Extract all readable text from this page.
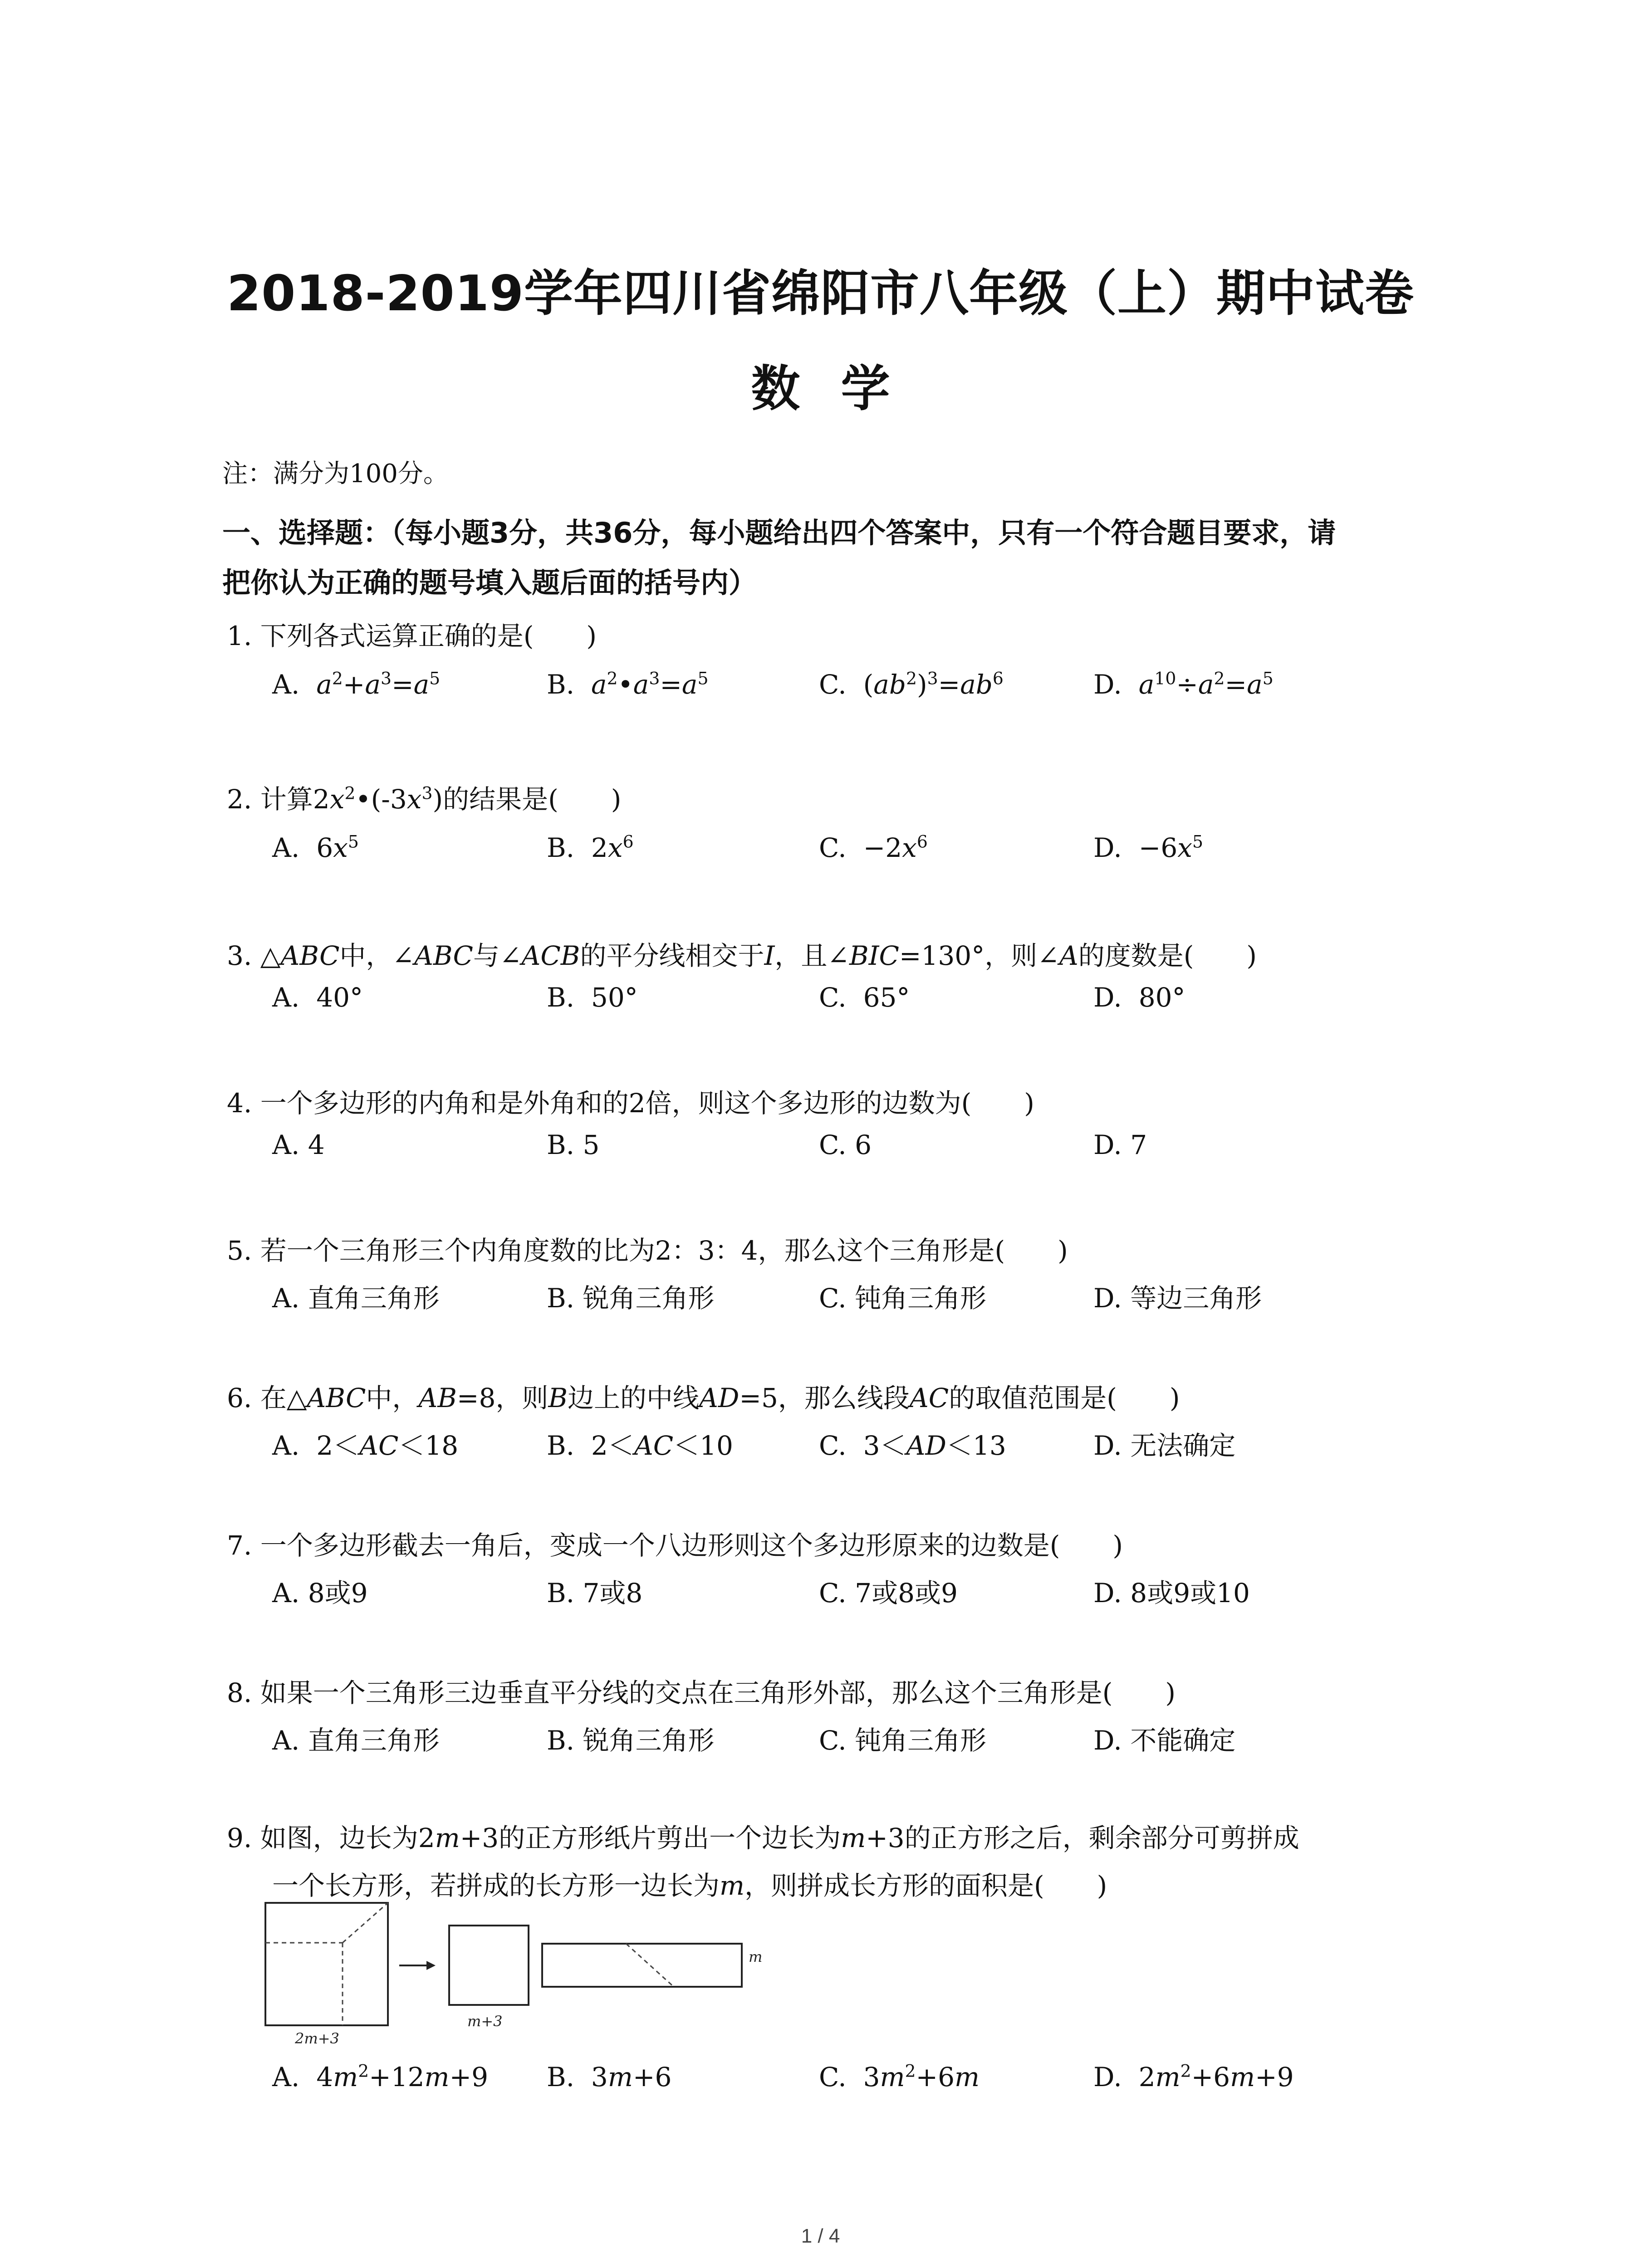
2018-2019学年四川省绵阳市八年级（上）期中试卷
数学
注：满分为100分。
一、选择题：（每小题3分，共36分，每小题给出四个答案中，只有一个符合题目要求，请
把你认为正确的题号填入题后面的括号内）
1. 下列各式运算正确的是(　　)
A.  $a^2+a^3=a^5$	B.  $a^2•a^3=a^5$	C.  $(ab^2)^3=ab^6$	D.  $a^{10}\div a^2=a^5$
2. 计算$2x^2•(-3x^3)$的结果是(　　)
A.  $6x^5$	B.  $2x^6$	C.  $-2x^6$	D.  $-6x^5$
3. △ABC中，∠ABC与∠ACB的平分线相交于I，且∠BIC=130°，则∠A的度数是(　　)
A.  40°	B.  50°	C.  65°	D.  80°
4. 一个多边形的内角和是外角和的2倍，则这个多边形的边数为(　　)
A. 4	B. 5	C. 6	D. 7
5. 若一个三角形三个内角度数的比为2：3：4，那么这个三角形是(　　)
A. 直角三角形	B. 锐角三角形	C. 钝角三角形	D. 等边三角形
6. 在△ABC中，AB=8，则B边上的中线AD=5，那么线段AC的取值范围是(　　)
A.  2＜AC＜18	B.  2＜AC＜10	C.  3＜AD＜13	D. 无法确定
7. 一个多边形截去一角后，变成一个八边形则这个多边形原来的边数是(　　)
A. 8或9	B. 7或8	C. 7或8或9	D. 8或9或10
8. 如果一个三角形三边垂直平分线的交点在三角形外部，那么这个三角形是(　　)
A. 直角三角形	B. 锐角三角形	C. 钝角三角形	D. 不能确定
9. 如图，边长为2m+3的正方形纸片剪出一个边长为m+3的正方形之后，剩余部分可剪拼成
一个长方形，若拼成的长方形一边长为m，则拼成长方形的面积是(　　)
2m+3
m+3
m
A.  $4m^2+12m+9$ B.  3m+6	C.  $3m^2+6m$	D.  $2m^2+6m+9$
1 / 4
